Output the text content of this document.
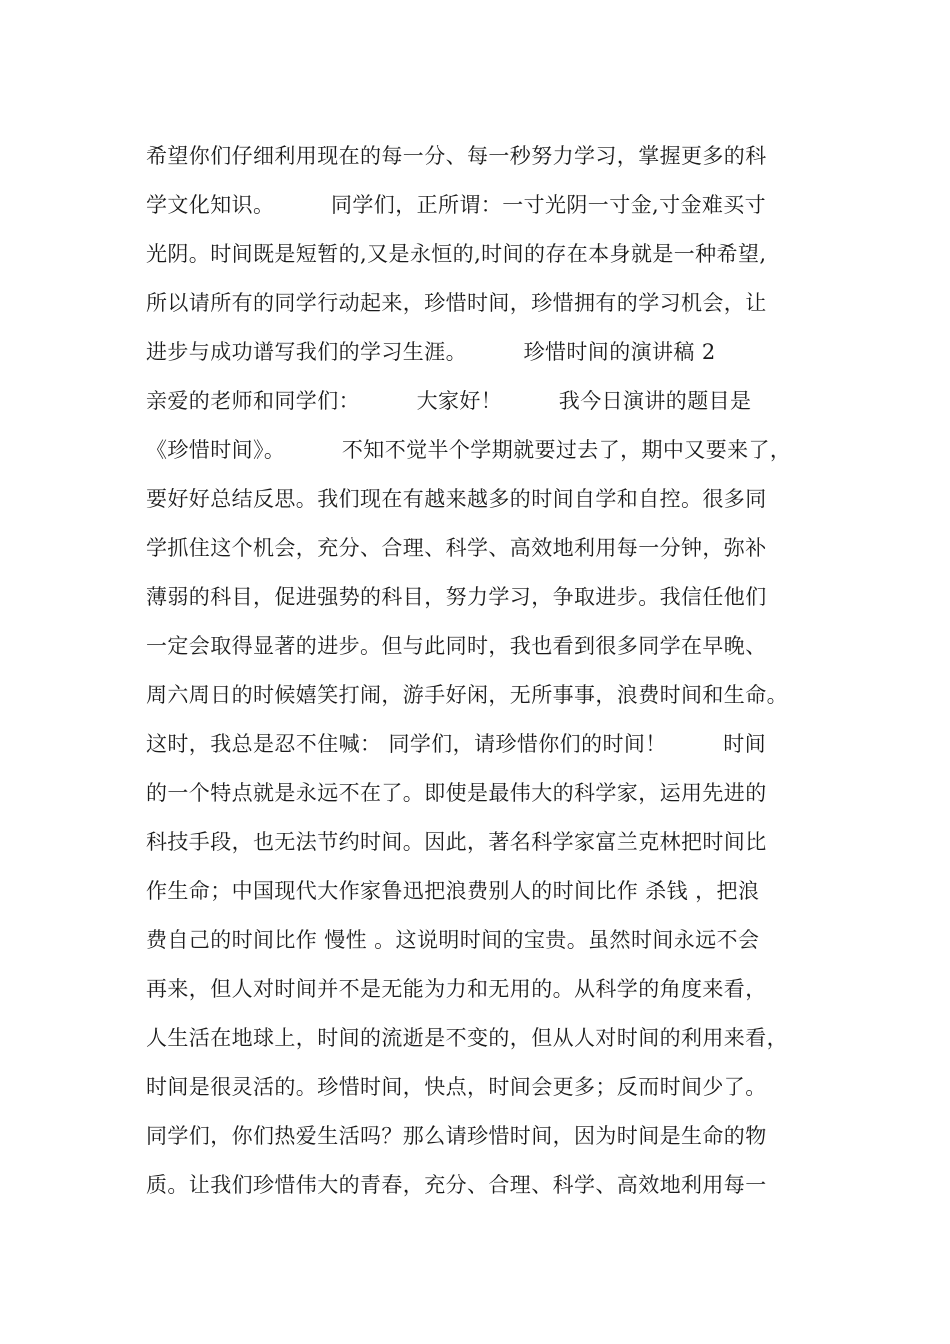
希望你们仔细利用现在的每一分、每一秒努力学习，掌握更多的科
学文化知识。        同学们，正所谓：一寸光阴一寸金,寸金难买寸
光阴。时间既是短暂的,又是永恒的,时间的存在本身就是一种希望,
所以请所有的同学行动起来，珍惜时间，珍惜拥有的学习机会，让
进步与成功谱写我们的学习生涯。        珍惜时间的演讲稿 2
亲爱的老师和同学们：        大家好！        我今日演讲的题目是
《珍惜时间》。        不知不觉半个学期就要过去了，期中又要来了，
要好好总结反思。我们现在有越来越多的时间自学和自控。很多同
学抓住这个机会，充分、合理、科学、高效地利用每一分钟，弥补
薄弱的科目，促进强势的科目，努力学习，争取进步。我信任他们
一定会取得显著的进步。但与此同时，我也看到很多同学在早晚、
周六周日的时候嬉笑打闹，游手好闲，无所事事，浪费时间和生命。
这时，我总是忍不住喊： 同学们，请珍惜你们的时间！        时间
的一个特点就是永远不在了。即使是最伟大的科学家，运用先进的
科技手段，也无法节约时间。因此，著名科学家富兰克林把时间比
作生命；中国现代大作家鲁迅把浪费别人的时间比作 杀钱 ，把浪
费自己的时间比作 慢性 。这说明时间的宝贵。虽然时间永远不会
再来，但人对时间并不是无能为力和无用的。从科学的角度来看，
人生活在地球上，时间的流逝是不变的，但从人对时间的利用来看，
时间是很灵活的。珍惜时间，快点，时间会更多；反而时间少了。
同学们，你们热爱生活吗？那么请珍惜时间，因为时间是生命的物
质。让我们珍惜伟大的青春，充分、合理、科学、高效地利用每一
